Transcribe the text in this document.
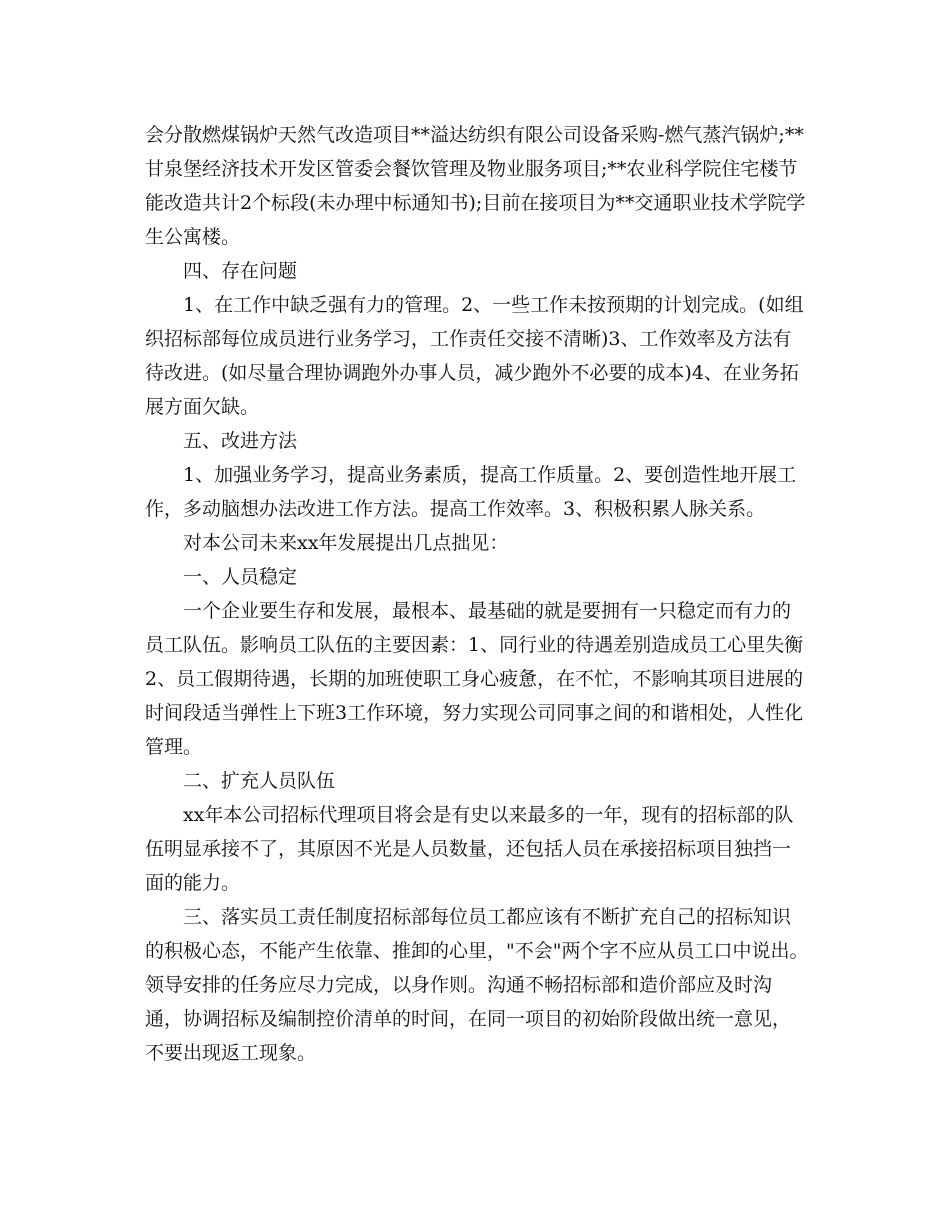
会分散燃煤锅炉天然气改造项目**溢达纺织有限公司设备采购-燃气蒸汽锅炉;**甘泉堡经济技术开发区管委会餐饮管理及物业服务项目;**农业科学院住宅楼节能改造共计2个标段(未办理中标通知书);目前在接项目为**交通职业技术学院学生公寓楼。

四、存在问题

1、在工作中缺乏强有力的管理。2、一些工作未按预期的计划完成。(如组织招标部每位成员进行业务学习，工作责任交接不清晰)3、工作效率及方法有待改进。(如尽量合理协调跑外办事人员，减少跑外不必要的成本)4、在业务拓展方面欠缺。

五、改进方法

1、加强业务学习，提高业务素质，提高工作质量。2、要创造性地开展工作，多动脑想办法改进工作方法。提高工作效率。3、积极积累人脉关系。

对本公司未来xx年发展提出几点拙见：

一、人员稳定

一个企业要生存和发展，最根本、最基础的就是要拥有一只稳定而有力的员工队伍。影响员工队伍的主要因素：1、同行业的待遇差别造成员工心里失衡2、员工假期待遇，长期的加班使职工身心疲惫，在不忙，不影响其项目进展的时间段适当弹性上下班3工作环境，努力实现公司同事之间的和谐相处，人性化管理。

二、扩充人员队伍

xx年本公司招标代理项目将会是有史以来最多的一年，现有的招标部的队伍明显承接不了，其原因不光是人员数量，还包括人员在承接招标项目独挡一面的能力。

三、落实员工责任制度招标部每位员工都应该有不断扩充自己的招标知识的积极心态，不能产生依靠、推卸的心里，"不会"两个字不应从员工口中说出。领导安排的任务应尽力完成，以身作则。沟通不畅招标部和造价部应及时沟通，协调招标及编制控价清单的时间，在同一项目的初始阶段做出统一意见，不要出现返工现象。
